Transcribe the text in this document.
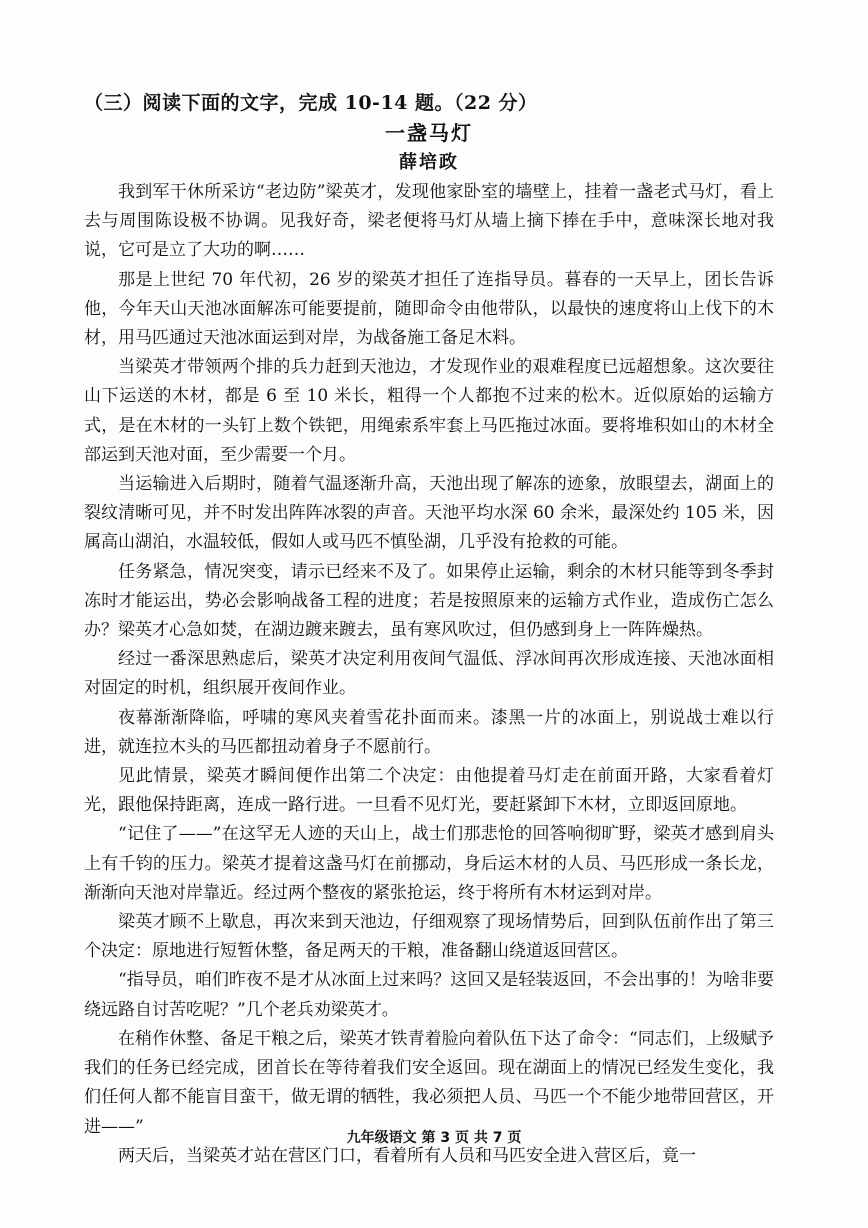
（三）阅读下面的文字，完成 10-14 题。（22 分）
一盏马灯
薛培政

我到军干休所采访“老边防”梁英才，发现他家卧室的墙壁上，挂着一盏老式马灯，看上去与周围陈设极不协调。见我好奇，梁老便将马灯从墙上摘下捧在手中，意味深长地对我说，它可是立了大功的啊……

那是上世纪 70 年代初，26 岁的梁英才担任了连指导员。暮春的一天早上，团长告诉他，今年天山天池冰面解冻可能要提前，随即命令由他带队，以最快的速度将山上伐下的木材，用马匹通过天池冰面运到对岸，为战备施工备足木料。

当梁英才带领两个排的兵力赶到天池边，才发现作业的艰难程度已远超想象。这次要往山下运送的木材，都是 6 至 10 米长，粗得一个人都抱不过来的松木。近似原始的运输方式，是在木材的一头钉上数个铁钯，用绳索系牢套上马匹拖过冰面。要将堆积如山的木材全部运到天池对面，至少需要一个月。

当运输进入后期时，随着气温逐渐升高，天池出现了解冻的迹象，放眼望去，湖面上的裂纹清晰可见，并不时发出阵阵冰裂的声音。天池平均水深 60 余米，最深处约 105 米，因属高山湖泊，水温较低，假如人或马匹不慎坠湖，几乎没有抢救的可能。

任务紧急，情况突变，请示已经来不及了。如果停止运输，剩余的木材只能等到冬季封冻时才能运出，势必会影响战备工程的进度；若是按照原来的运输方式作业，造成伤亡怎么办？梁英才心急如焚，在湖边踱来踱去，虽有寒风吹过，但仍感到身上一阵阵燥热。

经过一番深思熟虑后，梁英才决定利用夜间气温低、浮冰间再次形成连接、天池冰面相对固定的时机，组织展开夜间作业。

夜幕渐渐降临，呼啸的寒风夹着雪花扑面而来。漆黑一片的冰面上，别说战士难以行进，就连拉木头的马匹都扭动着身子不愿前行。

见此情景，梁英才瞬间便作出第二个决定：由他提着马灯走在前面开路，大家看着灯光，跟他保持距离，连成一路行进。一旦看不见灯光，要赶紧卸下木材，立即返回原地。

“记住了——”在这罕无人迹的天山上，战士们那悲怆的回答响彻旷野，梁英才感到肩头上有千钧的压力。梁英才提着这盏马灯在前挪动，身后运木材的人员、马匹形成一条长龙，渐渐向天池对岸靠近。经过两个整夜的紧张抢运，终于将所有木材运到对岸。

梁英才顾不上歇息，再次来到天池边，仔细观察了现场情势后，回到队伍前作出了第三个决定：原地进行短暂休整，备足两天的干粮，准备翻山绕道返回营区。

“指导员，咱们昨夜不是才从冰面上过来吗？这回又是轻装返回，不会出事的！为啥非要绕远路自讨苦吃呢？”几个老兵劝梁英才。

在稍作休整、备足干粮之后，梁英才铁青着脸向着队伍下达了命令：“同志们，上级赋予我们的任务已经完成，团首长在等待着我们安全返回。现在湖面上的情况已经发生变化，我们任何人都不能盲目蛮干，做无谓的牺牲，我必须把人员、马匹一个不能少地带回营区，开进——”

两天后，当梁英才站在营区门口，看着所有人员和马匹安全进入营区后，竟一

九年级语文 第 3 页 共 7 页
